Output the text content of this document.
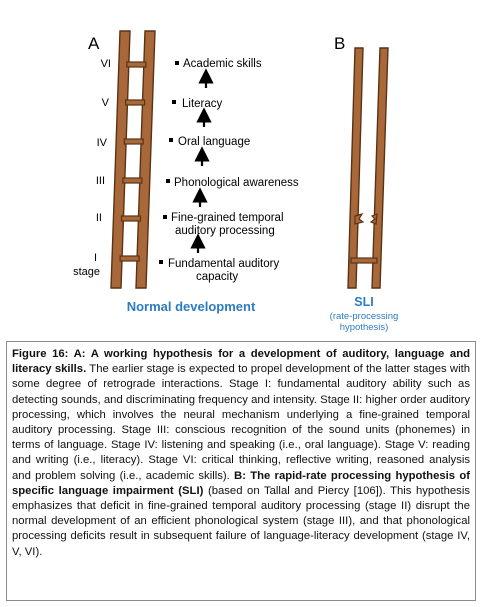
A
VI
V
IV
III
II
I
stage
Academic skills
Literacy
Oral language
Phonological awareness
Fine-grained temporal
auditory processing
Fundamental auditory
capacity
Normal development
B
SLI
(rate-processing
hypothesis)
Figure 16: A: A working hypothesis for a development of auditory, language and literacy skills. The earlier stage is expected to propel development of the latter stages with some degree of retrograde interactions. Stage I: fundamental auditory ability such as detecting sounds, and discriminating frequency and intensity. Stage II: higher order auditory processing, which involves the neural mechanism underlying a fine-grained temporal auditory processing. Stage III: conscious recognition of the sound units (phonemes) in terms of language. Stage IV: listening and speaking (i.e., oral language). Stage V: reading and writing (i.e., literacy). Stage VI: critical thinking, reflective writing, reasoned analysis and problem solving (i.e., academic skills). B: The rapid-rate processing hypothesis of specific language impairment (SLI) (based on Tallal and Piercy [106]). This hypothesis emphasizes that deficit in fine-grained temporal auditory processing (stage II) disrupt the normal development of an efficient phonological system (stage III), and that phonological processing deficits result in subsequent failure of language-literacy development (stage IV, V, VI).
